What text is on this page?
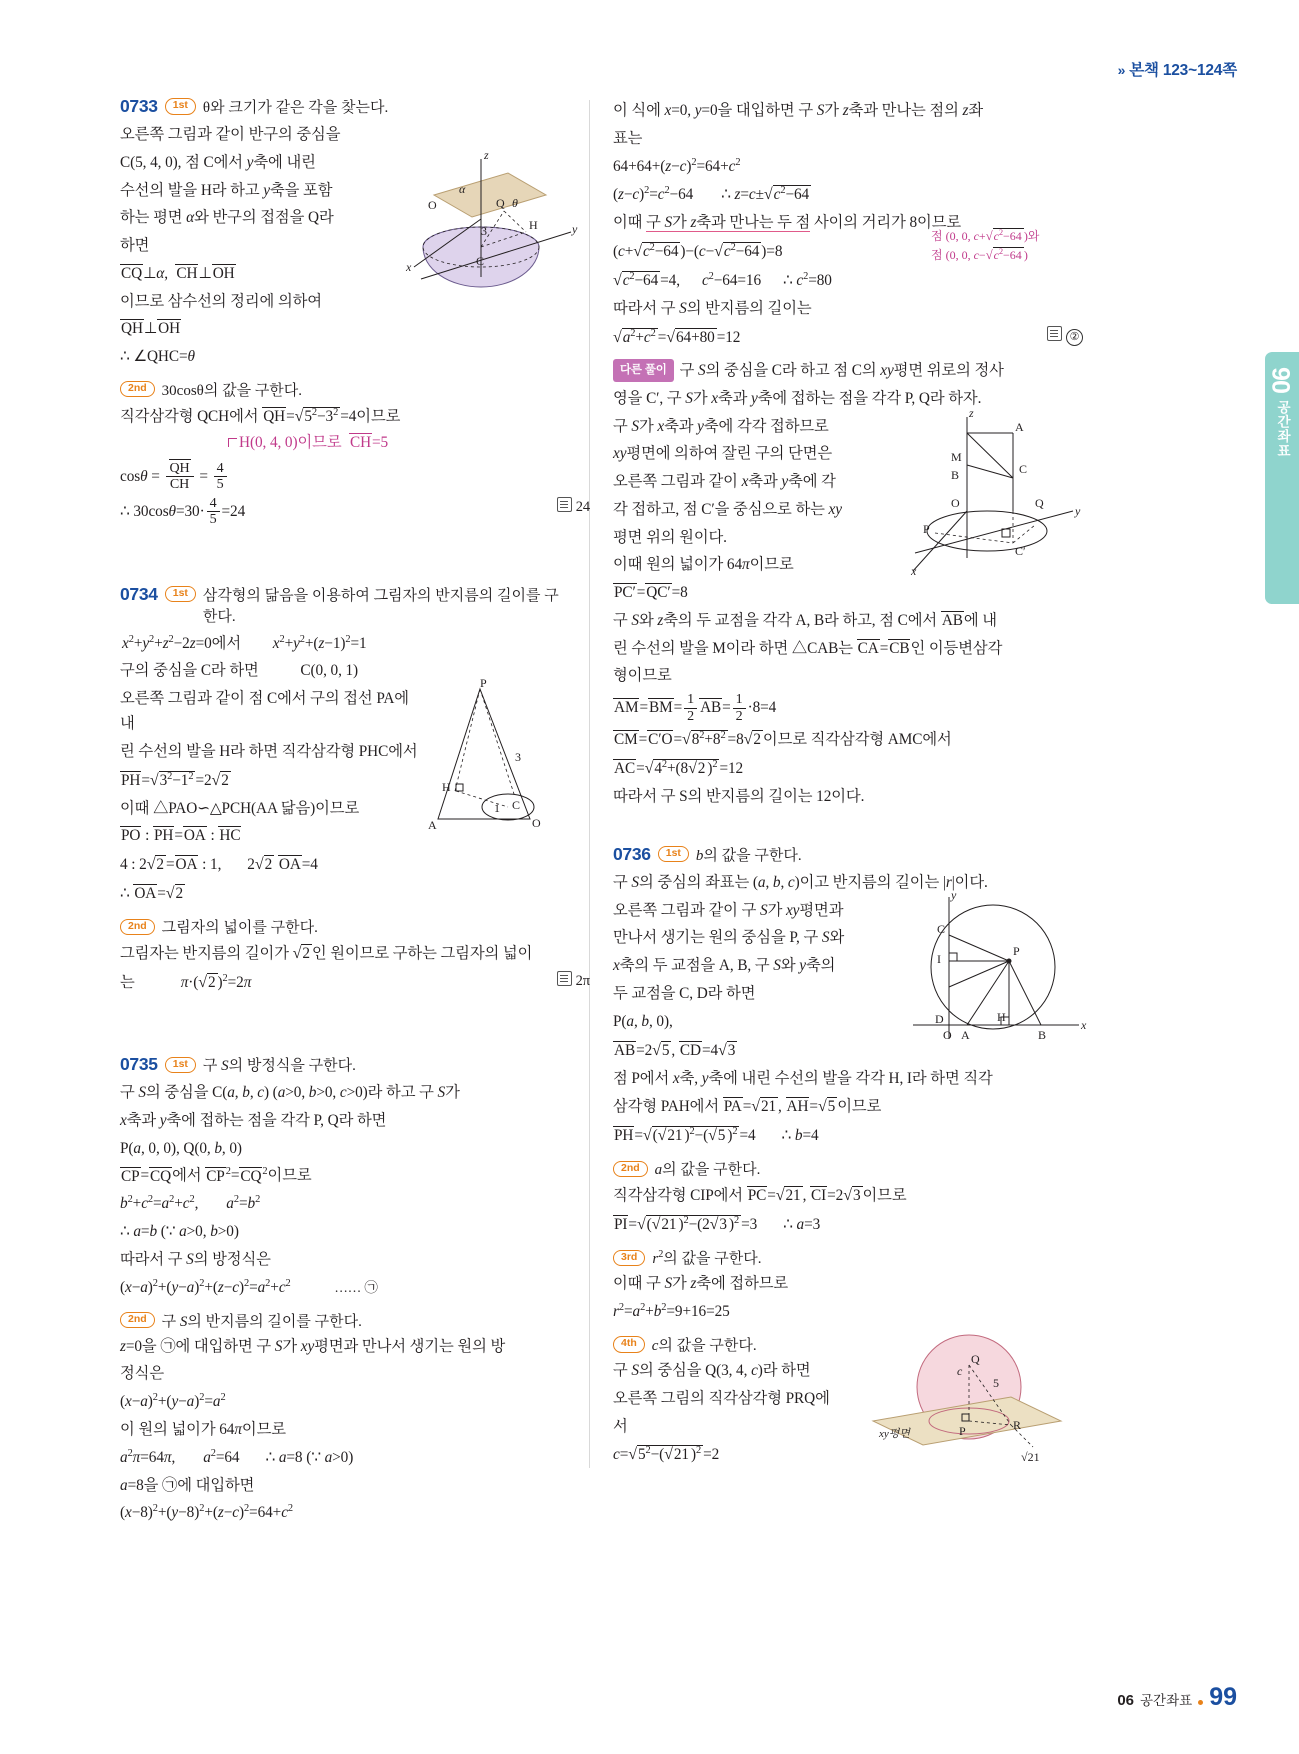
» 본책 123~124쪽
06
공간좌표
0733	1st	θ와 크기가 같은 각을 찾는다.

오른쪽 그림과 같이 반구의 중심을

C(5, 4, 0), 점 C에서 y축에 내린

수선의 발을 H라 하고 y축을 포함

하는 평면 α와 반구의 접점을 Q라

하면

z
α
O	Q θ
H	y
x	C
3

CQ⊥α,  CH⊥OH

이므로 삼수선의 정리에 의하여

QH⊥OH

∴ ∠QHC=θ

2nd	30cosθ의 값을 구한다.

직각삼각형 QCH에서 $QH=√5^2-3^2 =4$이므로

H(0, 4, 0)이므로  CH=5

$\cos\theta = \frac{QH}{CH} = \frac{4}{5}$

∴ $30\cos\theta=30\cdot \frac{4}{5} =24$	24

0734	1st	삼각형의 닮음을 이용하여 그림자의 반지름의 길이를 구한다.

$x^2+y^2+z^2-2z=0$에서 $x^2+y^2+(z-1)^2=1$

구의 중심을 C라 하면 C(0, 0, 1)

오른쪽 그림과 같이 점 C에서 구의 접선 PA에 내

린 수선의 발을 H라 하면 직각삼각형 PHC에서

$PH=√3^2-1^2 =2√2$

이때 △PAO∽△PCH(AA 닮음)이므로

PO : PH=OA : HC

4 : 2√2 =OA : 1, 2√2 OA=4

∴ OA=√2

P
3
H
C
1
A	O
2nd	그림자의 넓이를 구한다.

그림자는 반지름의 길이가 √2 인 원이므로 구하는 그림자의 넓이

는	π·(√2 )$^2$=2π	2π

0735	1st	구 S의 방정식을 구한다.

구 S의 중심을 C(a, b, c) (a>0, b>0, c>0)라 하고 구 S가

x축과 y축에 접하는 점을 각각 P, Q라 하면

P(a, 0, 0), Q(0, b, 0)

CP=CQ에서 $CP^2=CQ^2$이므로

$b^2+c^2=a^2+c^2$, $a^2=b^2$

∴ a=b (∵ a>0, b>0)

따라서 구 S의 방정식은

$(x-a)^2+(y-a)^2+(z-c)^2=a^2+c^2$	…… ㉠

2nd	구 S의 반지름의 길이를 구한다.

z=0을 ㉠에 대입하면 구 S가 xy평면과 만나서 생기는 원의 방

정식은

$(x-a)^2+(y-a)^2=a^2$

이 원의 넓이가 64π이므로

$a^2\pi=64\pi$, $a^2=64$ ∴ a=8 (∵ a>0)

a=8을 ㉠에 대입하면

$(x-8)^2+(y-8)^2+(z-c)^2=64+c^2$

이 식에 x=0, y=0을 대입하면 구 S가 z축과 만나는 점의 z좌

표는

$64+64+(z-c)^2=64+c^2$

$(z-c)^2=c^2-64$ ∴ $z=c\pm√c^2-64$

이때 구 S가 z축과 만나는 두 점 사이의 거리가 8이므로

($c+√c^2-64$ )$-(c-√c^2-64$ )=8

점 (0, 0, $c+√c^2-64$ )와
점 (0, 0, $c-√c^2-64$ )

$√c^2-64 =4$, $c^2-64=16$ ∴ $c^2=80$

따라서 구 S의 반지름의 길이는

$√a^2+c^2 =√64+80 =12$	②

다른 풀이 구 S의 중심을 C라 하고 점 C의 xy평면 위로의 정사

영을 C′, 구 S가 x축과 y축에 접하는 점을 각각 P, Q라 하자.

구 S가 x축과 y축에 각각 접하므로

xy평면에 의하여 잘린 구의 단면은

오른쪽 그림과 같이 x축과 y축에 각

각 접하고, 점 C′을 중심으로 하는 xy

평면 위의 원이다.

z
A
M
C
B
O	Q
y
P
C′
x

이때 원의 넓이가 64π이므로

PC′=QC′=8

구 S와 z축의 두 교점을 각각 A, B라 하고, 점 C에서 AB에 내

린 수선의 발을 M이라 하면 △CAB는 CA=CB인 이등변삼각

형이므로

$AM=BM= \frac{1}{2} AB= \frac{1}{2} \cdot 8=4$

$CM=C'O=√8^2+8^2 =8√2$ 이므로 직각삼각형 AMC에서

$AC=√4^2+(8√2$ )$^2$ =12

따라서 구 S의 반지름의 길이는 12이다.

0736	1st	b의 값을 구한다.

구 S의 중심의 좌표는 (a, b, c)이고 반지름의 길이는 |r|이다.

오른쪽 그림과 같이 구 S가 xy평면과

만나서 생기는 원의 중심을 P, 구 S와

x축의 두 교점을 A, B, 구 S와 y축의

두 교점을 C, D라 하면

P(a, b, 0),

AB=2√5 , CD=4√3

y
C
P
I
D	H
O A	B
x

점 P에서 x축, y축에 내린 수선의 발을 각각 H, I라 하면 직각

삼각형 PAH에서 PA=√21 , AH=√5 이므로

PH=√(√21 )$^2$−(√5 )$^2$ =4 ∴ b=4

2nd	a의 값을 구한다.

직각삼각형 CIP에서 PC=√21 , CI=2√3 이므로

PI=√(√21 )$^2$−(2√3 )$^2$ =3 ∴ a=3

3rd	$r^2$의 값을 구한다.

이때 구 S가 z축에 접하므로

$r^2=a^2+b^2=9+16=25$

4th	c의 값을 구한다.

구 S의 중심을 Q(3, 4, c)라 하면

오른쪽 그림의 직각삼각형 PRQ에

서

$c=√5^2-(√21$ )$^2$ =2

c
Q
5
P	R
xy평면
√21
06 공간좌표 99
